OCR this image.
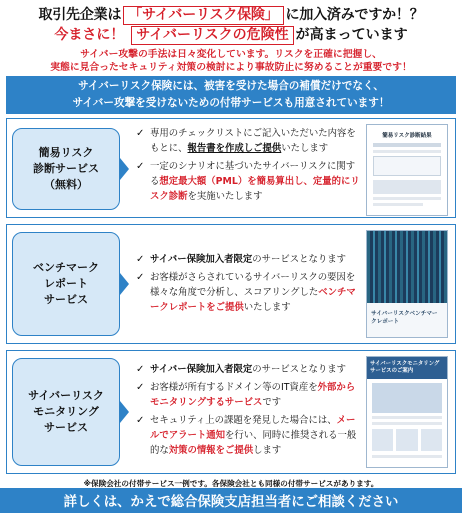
取引先企業は 「サイバーリスク保険」 に加入済みですか！？
今まさに！ サイバーリスクの危険性 が高まっています
サイバー攻撃の手法は日々変化しています。リスクを正確に把握し、
実態に見合ったセキュリティ対策の検討により事故防止に努めることが重要です！
サイバーリスク保険には、被害を受けた場合の補償だけでなく、
サイバー攻撃を受けないための付帯サービスも用意されています！
簡易リスク
診断サービス
（無料）
✓ 専用のチェックリストにご記入いただいた内容をもとに、報告書を作成しご提供いたします
✓ 一定のシナリオに基づいたサイバーリスクに関する想定最大額（PML）を簡易算出し、定量的にリスク診断を実施いたします
簡易リスク診断結果
ベンチマーク
レポート
サービス
✓ サイバー保険加入者限定のサービスとなります
✓ お客様がさらされているサイバーリスクの要因を様々な角度で分析し、スコアリングしたベンチマークレポートをご提供いたします
サイバーリスクベンチマークレポート
サイバーリスク
モニタリング
サービス
✓ サイバー保険加入者限定のサービスとなります
✓ お客様が所有するドメイン等のIT資産を外部からモニタリングするサービスです
✓ セキュリティ上の課題を発見した場合には、メールでアラート通知を行い、同時に推奨される一般的な対策の情報をご提供します
サイバーリスクモニタリングサービスのご案内
※保険会社の付帯サービス一例です。各保険会社とも同様の付帯サービスがあります。
詳しくは、かえで総合保険支店担当者にご相談ください
